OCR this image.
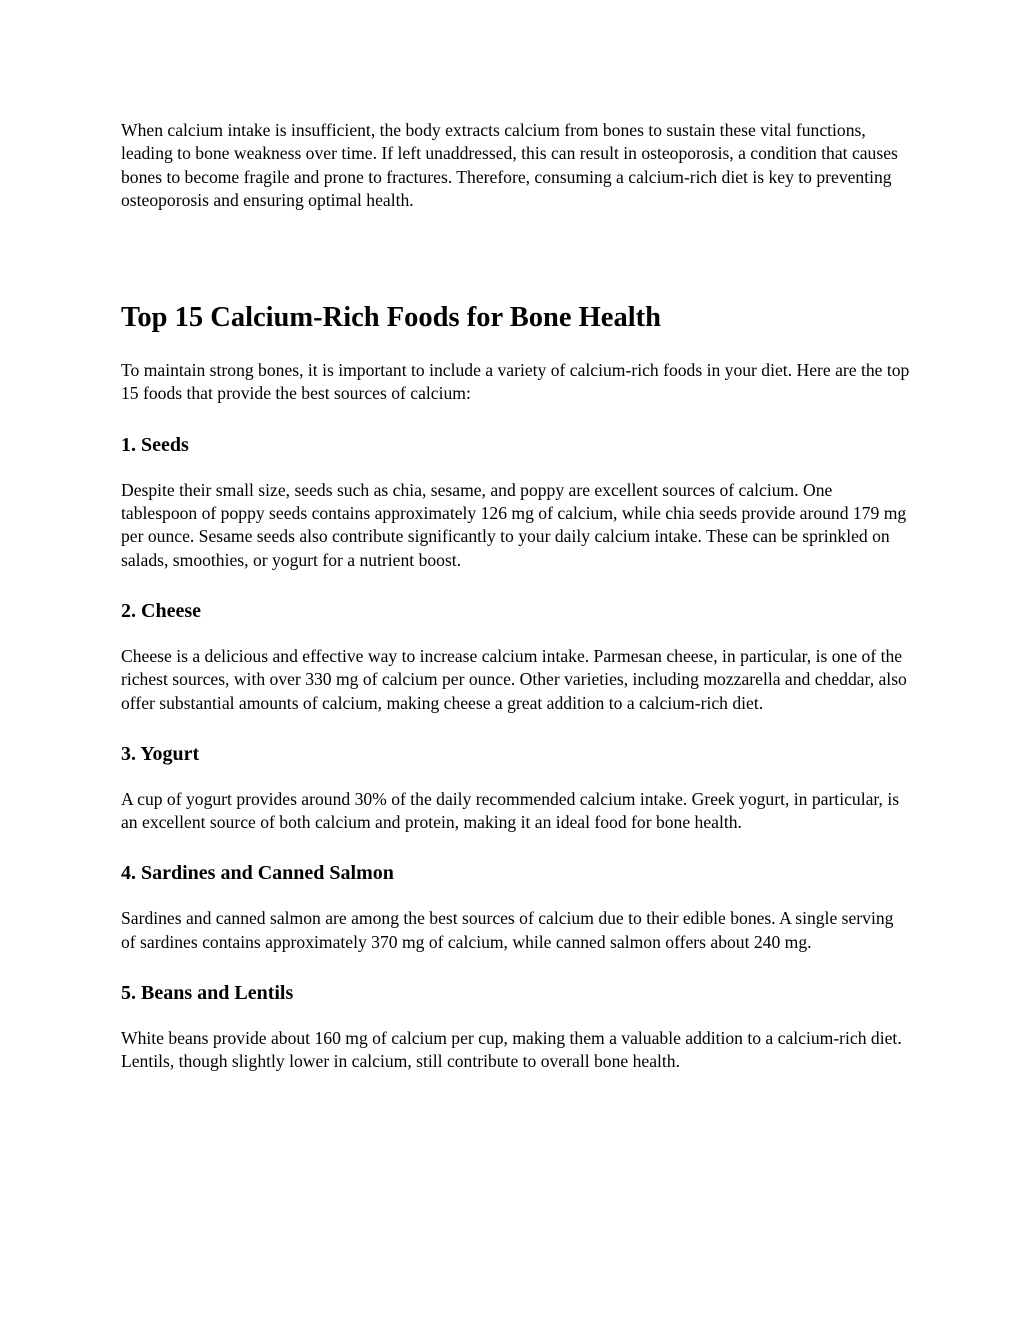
When calcium intake is insufficient, the body extracts calcium from bones to sustain these vital functions, leading to bone weakness over time. If left unaddressed, this can result in osteoporosis, a condition that causes bones to become fragile and prone to fractures. Therefore, consuming a calcium-rich diet is key to preventing osteoporosis and ensuring optimal health.

Top 15 Calcium-Rich Foods for Bone Health

To maintain strong bones, it is important to include a variety of calcium-rich foods in your diet. Here are the top 15 foods that provide the best sources of calcium:

1. Seeds

Despite their small size, seeds such as chia, sesame, and poppy are excellent sources of calcium. One tablespoon of poppy seeds contains approximately 126 mg of calcium, while chia seeds provide around 179 mg per ounce. Sesame seeds also contribute significantly to your daily calcium intake. These can be sprinkled on salads, smoothies, or yogurt for a nutrient boost.

2. Cheese

Cheese is a delicious and effective way to increase calcium intake. Parmesan cheese, in particular, is one of the richest sources, with over 330 mg of calcium per ounce. Other varieties, including mozzarella and cheddar, also offer substantial amounts of calcium, making cheese a great addition to a calcium-rich diet.

3. Yogurt

A cup of yogurt provides around 30% of the daily recommended calcium intake. Greek yogurt, in particular, is an excellent source of both calcium and protein, making it an ideal food for bone health.

4. Sardines and Canned Salmon

Sardines and canned salmon are among the best sources of calcium due to their edible bones. A single serving of sardines contains approximately 370 mg of calcium, while canned salmon offers about 240 mg.

5. Beans and Lentils

White beans provide about 160 mg of calcium per cup, making them a valuable addition to a calcium-rich diet. Lentils, though slightly lower in calcium, still contribute to overall bone health.
